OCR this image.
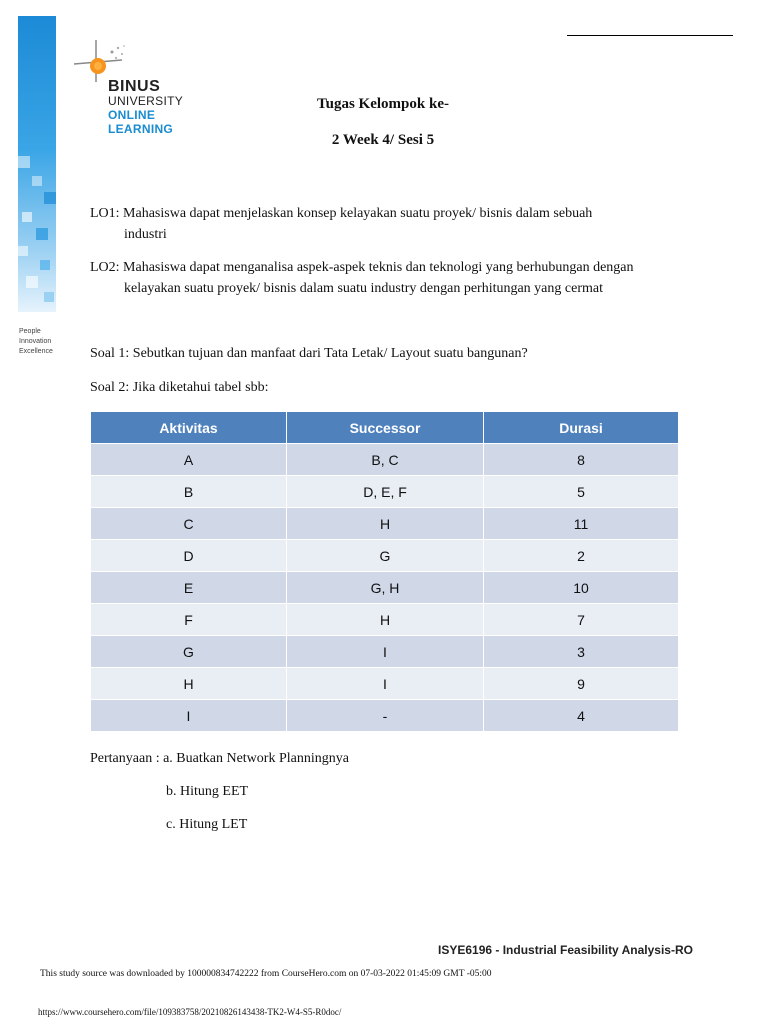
BINUS
UNIVERSITY
ONLINE
LEARNING
People
Innovation
Excellence
Tugas Kelompok ke-
2 Week 4/ Sesi 5
LO1: Mahasiswa dapat menjelaskan konsep kelayakan suatu proyek/ bisnis dalam sebuah
industri
LO2: Mahasiswa dapat menganalisa aspek-aspek teknis dan teknologi yang berhubungan dengan
kelayakan suatu proyek/ bisnis dalam suatu industry dengan perhitungan yang cermat
Soal 1: Sebutkan tujuan dan manfaat dari Tata Letak/ Layout suatu bangunan?
Soal 2: Jika diketahui tabel sbb:
Aktivitas	Successor	Durasi
A	B, C	8
B	D, E, F	5
C	H	11
D	G	2
E	G, H	10
F	H	7
G	I	3
H	I	9
I	-	4
Pertanyaan : a. Buatkan Network Planningnya
b. Hitung EET
c. Hitung LET
ISYE6196 - Industrial Feasibility Analysis-RO
This study source was downloaded by 100000834742222 from CourseHero.com on 07-03-2022 01:45:09 GMT -05:00
https://www.coursehero.com/file/109383758/20210826143438-TK2-W4-S5-R0doc/
